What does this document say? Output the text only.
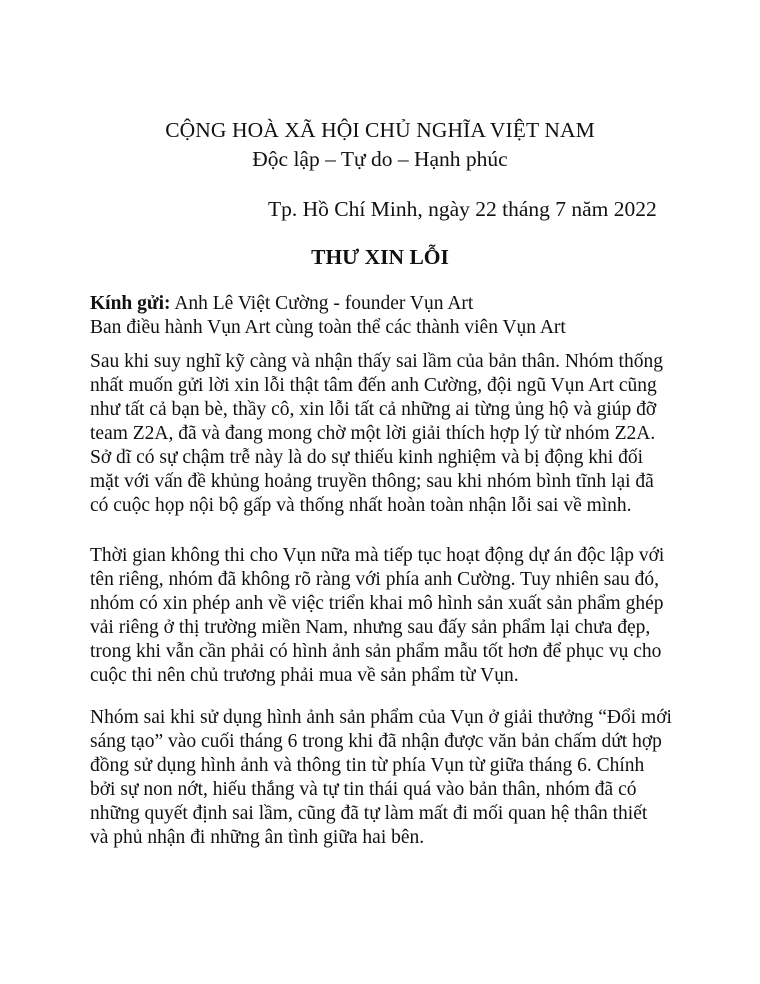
CỘNG HOÀ XÃ HỘI CHỦ NGHĨA VIỆT NAM
Độc lập – Tự do – Hạnh phúc
Tp. Hồ Chí Minh, ngày 22 tháng 7 năm 2022
THƯ XIN LỖI
Kính gửi: Anh Lê Việt Cường - founder Vụn Art
Ban điều hành Vụn Art cùng toàn thể các thành viên Vụn Art
Sau khi suy nghĩ kỹ càng và nhận thấy sai lầm của bản thân. Nhóm thống
nhất muốn gửi lời xin lỗi thật tâm đến anh Cường, đội ngũ Vụn Art cũng
như tất cả bạn bè, thầy cô, xin lỗi tất cả những ai từng ủng hộ và giúp đỡ
team Z2A, đã và đang mong chờ một lời giải thích hợp lý từ nhóm Z2A.
Sở dĩ có sự chậm trễ này là do sự thiếu kinh nghiệm và bị động khi đối
mặt với vấn đề khủng hoảng truyền thông; sau khi nhóm bình tĩnh lại đã
có cuộc họp nội bộ gấp và thống nhất hoàn toàn nhận lỗi sai về mình.
Thời gian không thi cho Vụn nữa mà tiếp tục hoạt động dự án độc lập với
tên riêng, nhóm đã không rõ ràng với phía anh Cường. Tuy nhiên sau đó,
nhóm có xin phép anh về việc triển khai mô hình sản xuất sản phẩm ghép
vải riêng ở thị trường miền Nam, nhưng sau đấy sản phẩm lại chưa đẹp,
trong khi vẫn cần phải có hình ảnh sản phẩm mẫu tốt hơn để phục vụ cho
cuộc thi nên chủ trương phải mua về sản phẩm từ Vụn.
Nhóm sai khi sử dụng hình ảnh sản phẩm của Vụn ở giải thưởng “Đổi mới
sáng tạo” vào cuối tháng 6 trong khi đã nhận được văn bản chấm dứt hợp
đồng sử dụng hình ảnh và thông tin từ phía Vụn từ giữa tháng 6. Chính
bởi sự non nớt, hiếu thắng và tự tin thái quá vào bản thân, nhóm đã có
những quyết định sai lầm, cũng đã tự làm mất đi mối quan hệ thân thiết
và phủ nhận đi những ân tình giữa hai bên.
